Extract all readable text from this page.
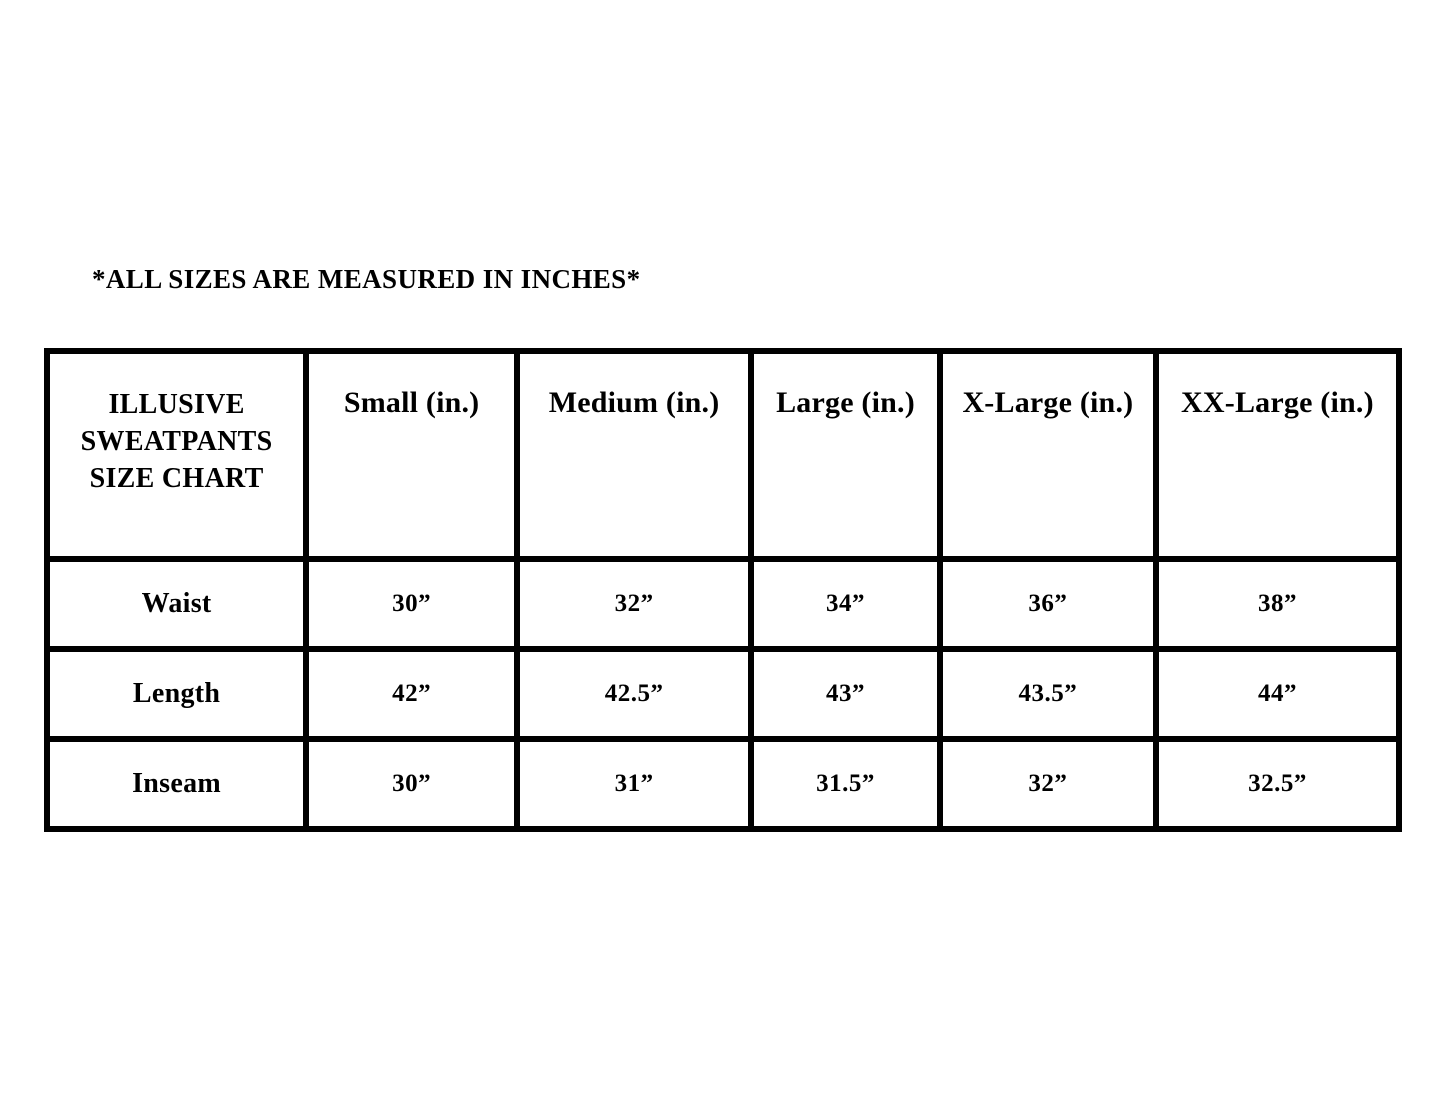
*ALL SIZES ARE MEASURED IN INCHES*
ILLUSIVE
SWEATPANTS
SIZE CHART	Small (in.)	Medium (in.)	Large (in.)	X-Large (in.)	XX-Large (in.)
Waist	30”	32”	34”	36”	38”
Length	42”	42.5”	43”	43.5”	44”
Inseam	30”	31”	31.5”	32”	32.5”
